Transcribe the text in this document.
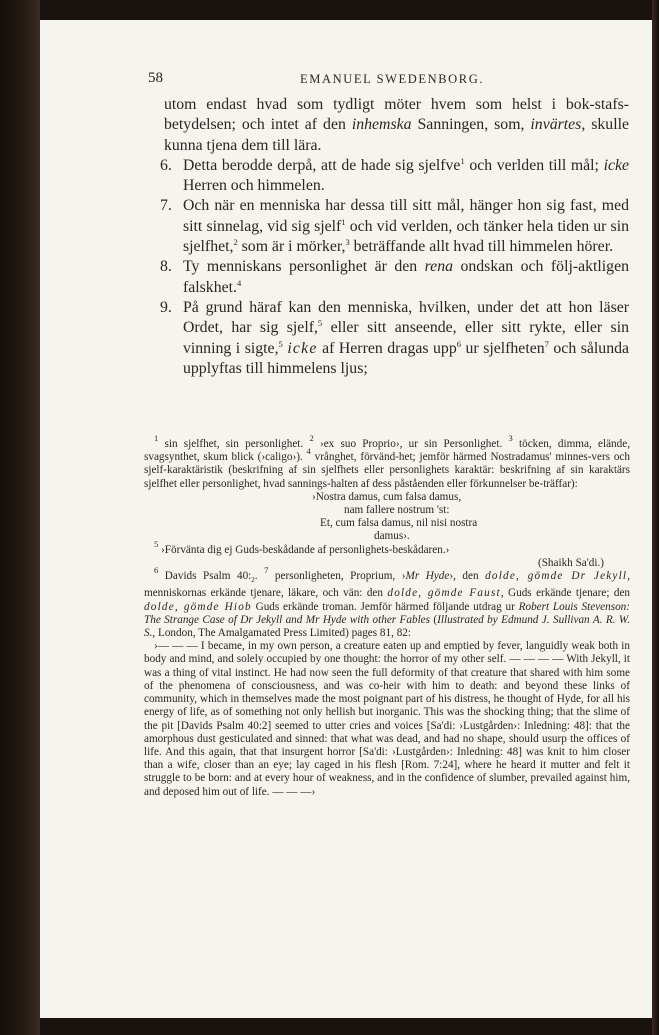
58	EMANUEL SWEDENBORG.

utom endast hvad som tydligt möter hvem som helst i bok-stafs-betydelsen; och intet af den inhemska Sanningen, som, invärtes, skulle kunna tjena dem till lära.

6. Detta berodde derpå, att de hade sig sjelfve$^1$ och verlden till mål; icke Herren och himmelen.

7. Och när en menniska har dessa till sitt mål, hänger hon sig fast, med sitt sinnelag, vid sig sjelf$^1$ och vid verlden, och tänker hela tiden ur sin sjelfhet,$^2$ som är i mörker,$^3$ beträffande allt hvad till himmelen hörer.

8. Ty menniskans personlighet är den rena ondskan och följ-aktligen falskhet.$^4$

9. På grund häraf kan den menniska, hvilken, under det att hon läser Ordet, har sig sjelf,$^5$ eller sitt anseende, eller sitt rykte, eller sin vinning i sigte,$^5$ icke af Herren dragas upp$^6$ ur sjelfheten$^7$ och sålunda upplyftas till himmelens ljus;

$^1$ sin sjelfhet, sin personlighet. $^2$ ›ex suo Proprio›, ur sin Personlighet. $^3$ töcken, dimma, elände, svagsynthet, skum blick (›caligo›). $^4$ vrånghet, förvänd-het; jemför härmed Nostradamus' minnes-vers och sjelf-karaktäristik (beskrifning af sin sjelfhets eller personlighets karaktär: beskrifning af sin karaktärs sjelfhet eller personlighet, hvad sannings-halten af dess påståenden eller förkunnelser be-träffar):

›Nostra damus, cum falsa damus,
nam fallere nostrum 'st:
Et, cum falsa damus, nil nisi nostra
damus›.

$^5$ ›Förvänta dig ej Guds-beskådande af personlighets-beskådaren.›

(Shaikh Sa'di.)

$^6$ Davids Psalm $40:_2$. $^7$ personligheten, Proprium, ›Mr Hyde›, den dolde, gömde Dr Jekyll, menniskornas erkände tjenare, läkare, och vän: den dolde, gömde Faust, Guds erkände tjenare; den dolde, gömde Hiob Guds erkände troman. Jemför härmed följande utdrag ur Robert Louis Stevenson: The Strange Case of Dr Jekyll and Mr Hyde with other Fables (Illustrated by Edmund J. Sullivan A. R. W. S., London, The Amalgamated Press Limited) pages 81, 82:

›— — — I became, in my own person, a creature eaten up and emptied by fever, languidly weak both in body and mind, and solely occupied by one thought: the horror of my other self. — — — — With Jekyll, it was a thing of vital instinct. He had now seen the full deformity of that creature that shared with him some of the phenomena of consciousness, and was co-heir with him to death: and beyond these links of community, which in themselves made the most poignant part of his distress, he thought of Hyde, for all his energy of life, as of something not only hellish but inorganic. This was the shocking thing; that the slime of the pit [Davids Psalm 40:2] seemed to utter cries and voices [Sa'di: ›Lustgården›: Inledning: 48]: that the amorphous dust gesticulated and sinned: that what was dead, and had no shape, should usurp the offices of life. And this again, that that insurgent horror [Sa'di: ›Lustgården›: Inledning: 48] was knit to him closer than a wife, closer than an eye; lay caged in his flesh [Rom. 7:24], where he heard it mutter and felt it struggle to be born: and at every hour of weakness, and in the confidence of slumber, prevailed against him, and deposed him out of life. — — —›
